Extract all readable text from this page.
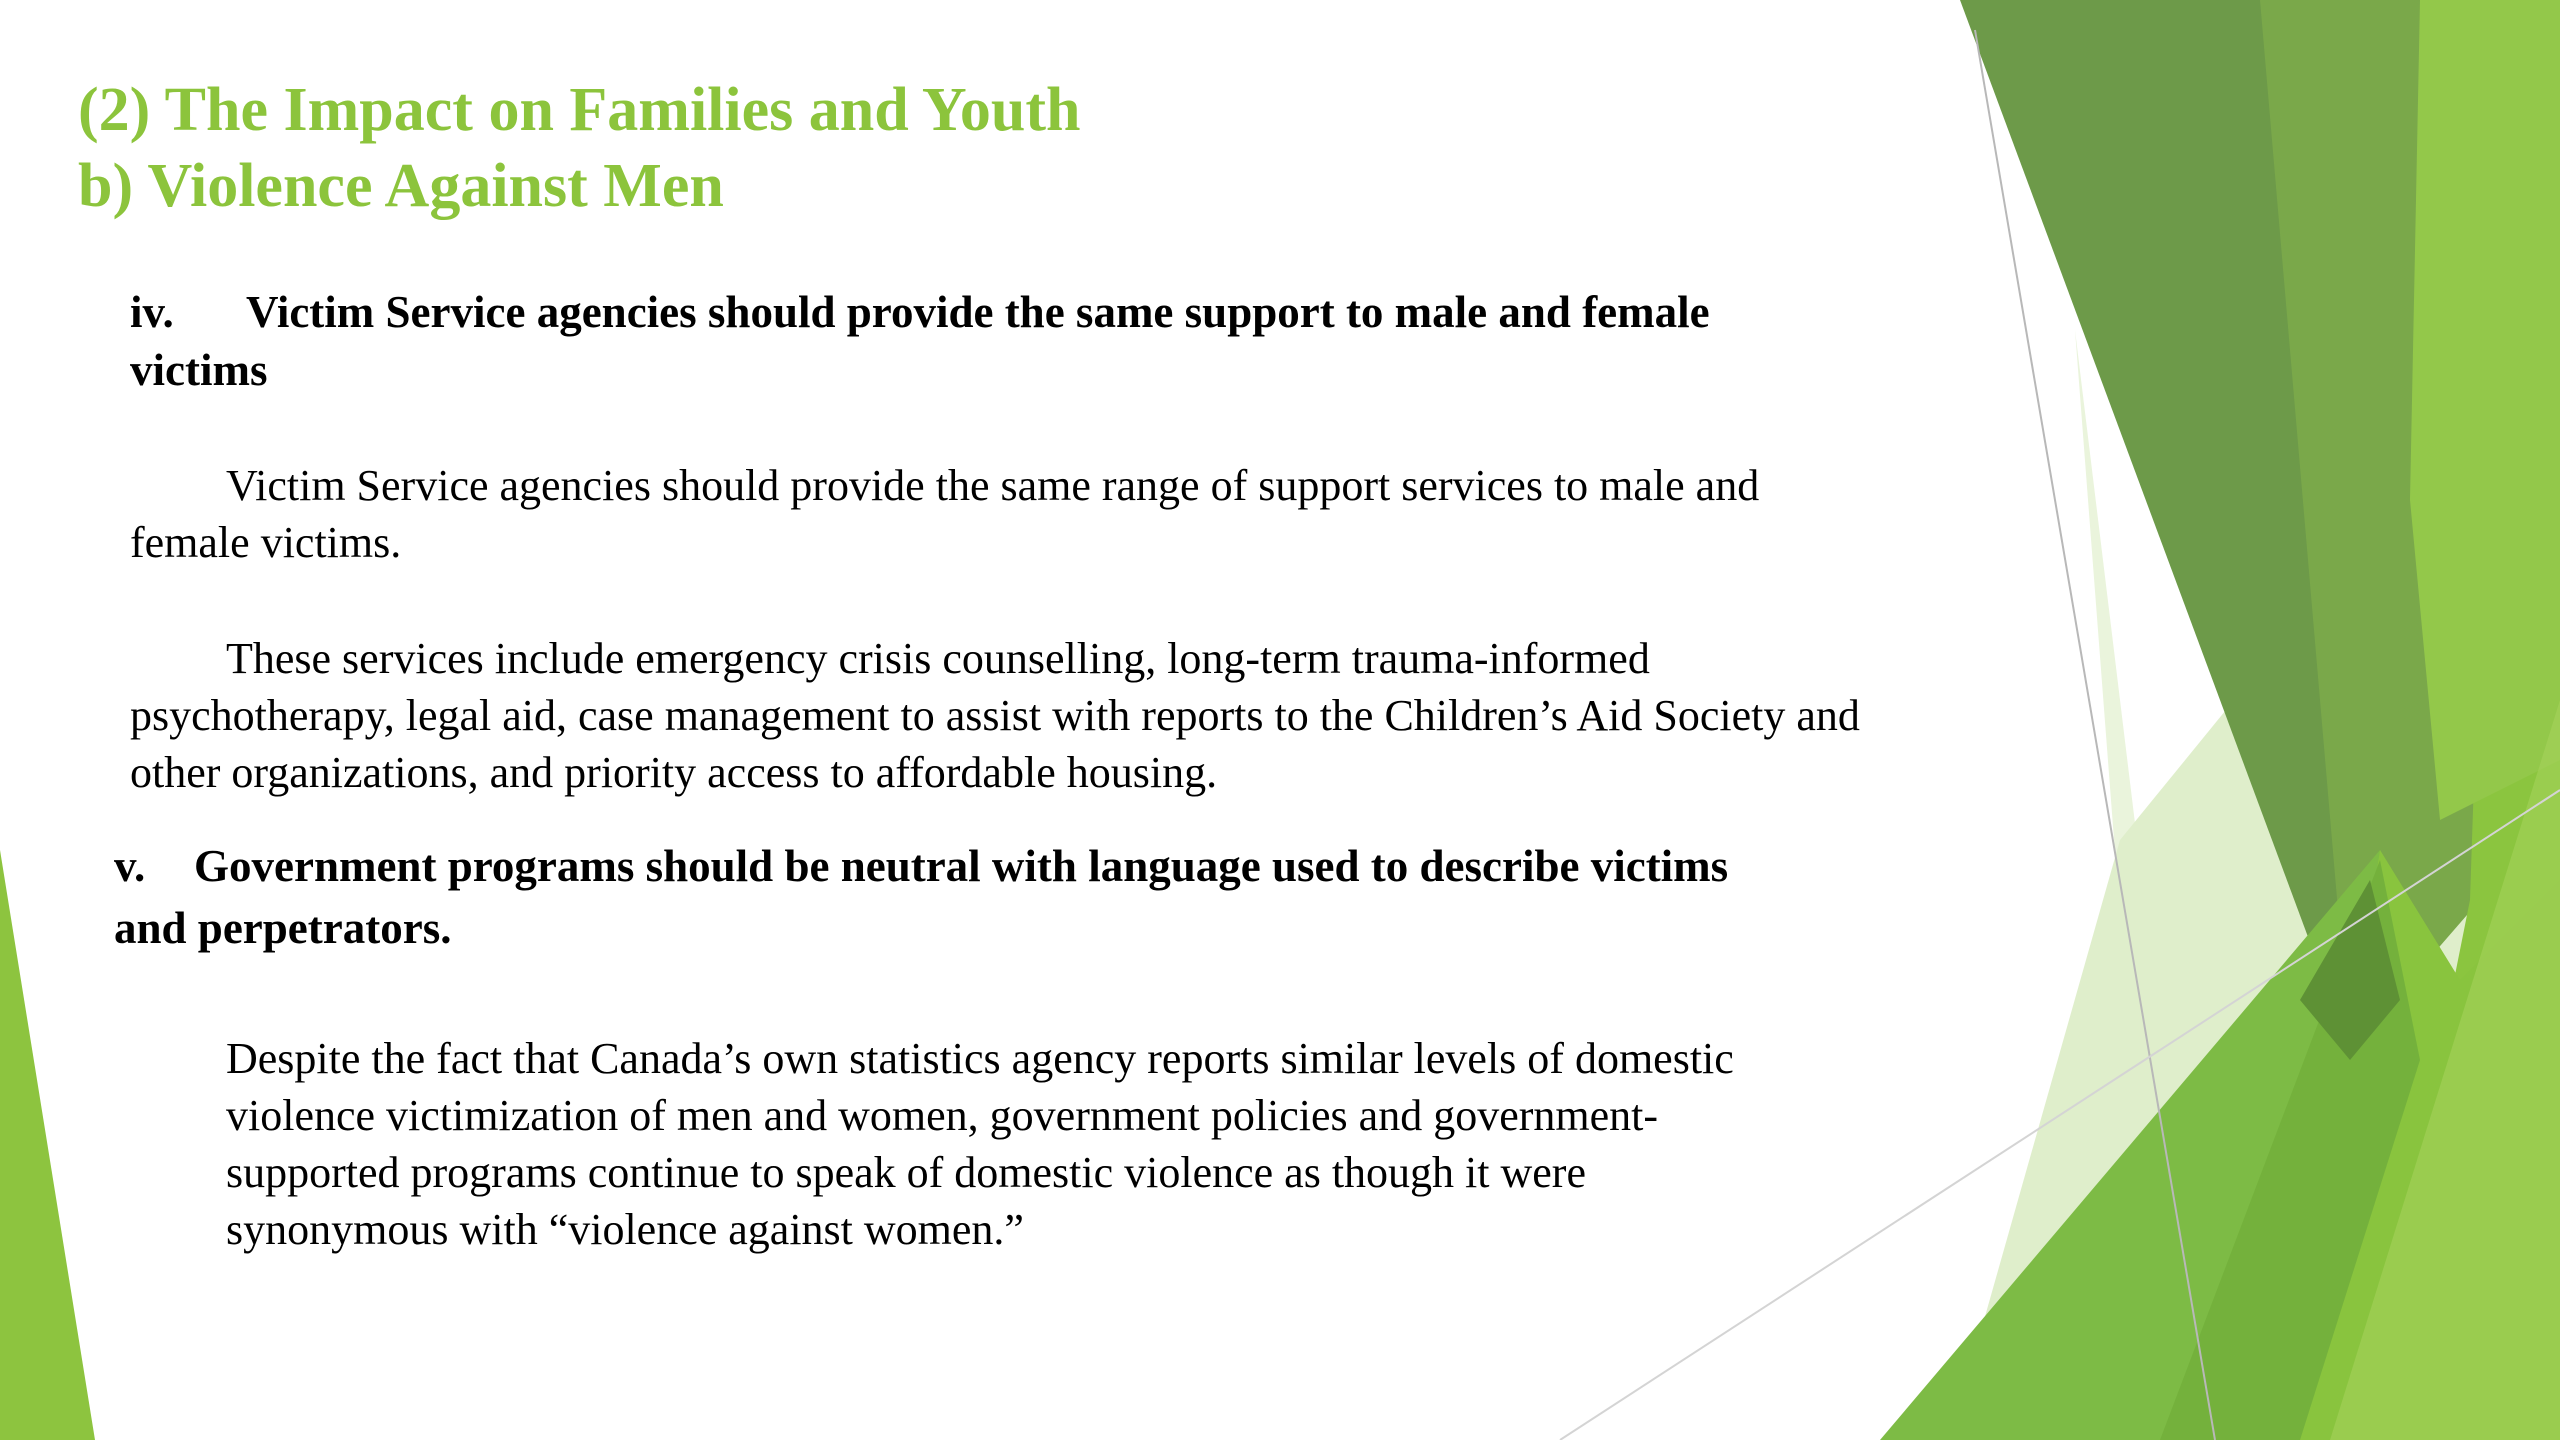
(2) The Impact on Families and Youth
b) Violence Against Men

iv. Victim Service agencies should provide the same support to male and female victims

Victim Service agencies should provide the same range of support services to male and female victims.

These services include emergency crisis counselling, long-term trauma-informed psychotherapy, legal aid, case management to assist with reports to the Children’s Aid Society and other organizations, and priority access to affordable housing.

v. Government programs should be neutral with language used to describe victims and perpetrators.

Despite the fact that Canada’s own statistics agency reports similar levels of domestic violence victimization of men and women, government policies and government-supported programs continue to speak of domestic violence as though it were synonymous with “violence against women.”
